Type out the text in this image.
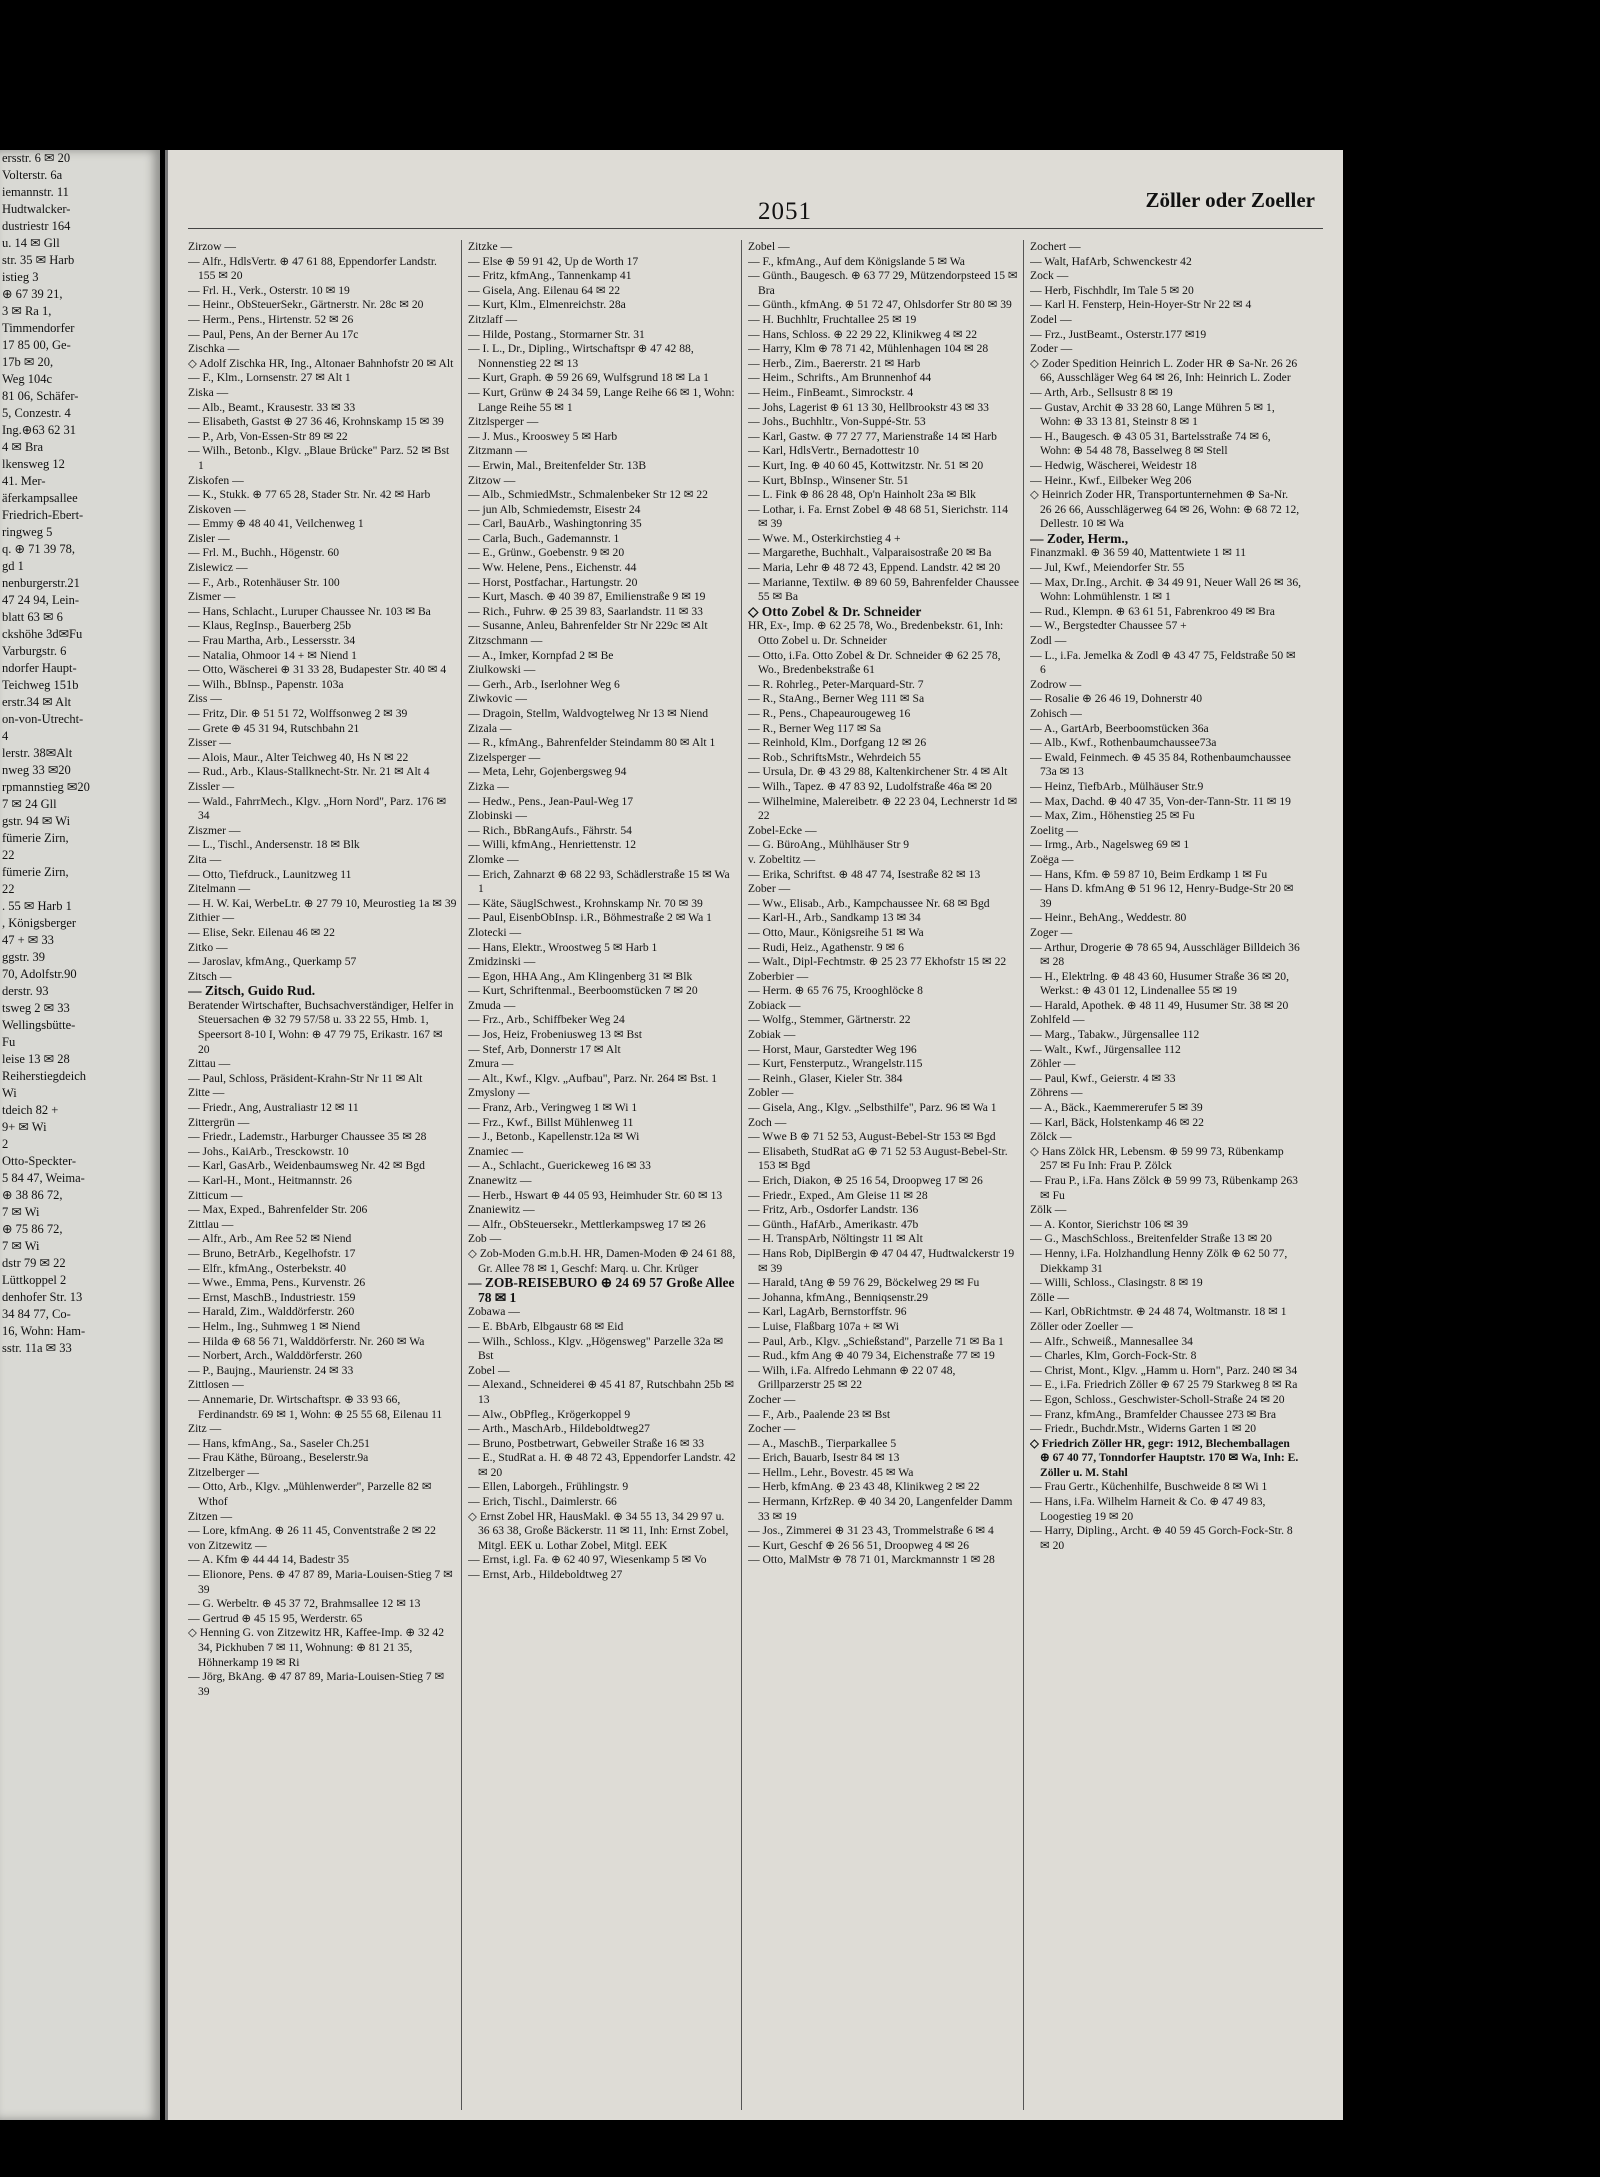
ersstr. 6 ✉ 20
Volterstr. 6a
iemannstr. 11
Hudtwalcker-
dustriestr 164
u. 14 ✉ Gll
str. 35 ✉ Harb
istieg 3
⊕ 67 39 21,
3 ✉ Ra 1,
Timmendorfer
17 85 00, Ge-
17b ✉ 20,
Weg 104c
81 06, Schäfer-
5, Conzestr. 4
Ing.⊕63 62 31
4 ✉ Bra
lkensweg 12
41. Mer-
äferkampsallee
Friedrich-Ebert-
ringweg 5
q. ⊕ 71 39 78,
gd 1
nenburgerstr.21
47 24 94, Lein-
blatt 63 ✉ 6
ckshöhe 3d✉Fu
Varburgstr. 6
ndorfer Haupt-
Teichweg 151b
erstr.34 ✉ Alt
on-von-Utrecht-
4
lerstr. 38✉Alt
nweg 33 ✉20
rpmannstieg ✉20
7 ✉ 24 Gll
gstr. 94 ✉ Wi
fümerie Zirn,
22
fümerie Zirn,
22
. 55 ✉ Harb 1
, Königsberger
47 + ✉ 33
ggstr. 39
70, Adolfstr.90
derstr. 93
tsweg 2 ✉ 33
Wellingsbütte-
Fu
leise 13 ✉ 28
Reiherstiegdeich
Wi
tdeich 82 +
9+ ✉ Wi
2
Otto-Speckter-
5 84 47, Weima-
⊕ 38 86 72,
7 ✉ Wi
⊕ 75 86 72,
7 ✉ Wi
dstr 79 ✉ 22
Lüttkoppel 2
denhofer Str. 13
34 84 77, Co-
16, Wohn: Ham-
sstr. 11a ✉ 33
2051	Zöller oder Zoeller

Zirzow —

— Alfr., HdlsVertr. ⊕ 47 61 88, Eppendorfer Landstr. 155 ✉ 20

— Frl. H., Verk., Osterstr. 10 ✉ 19

— Heinr., ObSteuerSekr., Gärtnerstr. Nr. 28c ✉ 20

— Herm., Pens., Hirtenstr. 52 ✉ 26

— Paul, Pens, An der Berner Au 17c

Zischka —

◇ Adolf Zischka HR, Ing., Altonaer Bahnhofstr 20 ✉ Alt

— F., Klm., Lornsenstr. 27 ✉ Alt 1

Ziska —

— Alb., Beamt., Krausestr. 33 ✉ 33

— Elisabeth, Gastst ⊕ 27 36 46, Krohnskamp 15 ✉ 39

— P., Arb, Von-Essen-Str 89 ✉ 22

— Wilh., Betonb., Klgv. „Blaue Brücke" Parz. 52 ✉ Bst 1

Ziskofen —

— K., Stukk. ⊕ 77 65 28, Stader Str. Nr. 42 ✉ Harb

Ziskoven —

— Emmy ⊕ 48 40 41, Veilchenweg 1

Zisler —

— Frl. M., Buchh., Högenstr. 60

Zislewicz —

— F., Arb., Rotenhäuser Str. 100

Zismer —

— Hans, Schlacht., Luruper Chaussee Nr. 103 ✉ Ba

— Klaus, RegInsp., Bauerberg 25b

— Frau Martha, Arb., Lessersstr. 34

— Natalia, Ohmoor 14 + ✉ Niend 1

— Otto, Wäscherei ⊕ 31 33 28, Budapester Str. 40 ✉ 4

— Wilh., BbInsp., Papenstr. 103a

Ziss —

— Fritz, Dir. ⊕ 51 51 72, Wolffsonweg 2 ✉ 39

— Grete ⊕ 45 31 94, Rutschbahn 21

Zisser —

— Alois, Maur., Alter Teichweg 40, Hs N ✉ 22

— Rud., Arb., Klaus-Stallknecht-Str. Nr. 21 ✉ Alt 4

Zissler —

— Wald., FahrrMech., Klgv. „Horn Nord", Parz. 176 ✉ 34

Ziszmer —

— L., Tischl., Andersenstr. 18 ✉ Blk

Zita —

— Otto, Tiefdruck., Launitzweg 11

Zitelmann —

— H. W. Kai, WerbeLtr. ⊕ 27 79 10, Meurostieg 1a ✉ 39

Zithier —

— Elise, Sekr. Eilenau 46 ✉ 22

Zitko —

— Jaroslav, kfmAng., Querkamp 57

Zitsch —

— Zitsch, Guido Rud.

Beratender Wirtschafter, Buchsachverständiger, Helfer in Steuersachen ⊕ 32 79 57/58 u. 33 22 55, Hmb. 1, Speersort 8-10 I, Wohn: ⊕ 47 79 75, Erikastr. 167 ✉ 20

Zittau —

— Paul, Schloss, Präsident-Krahn-Str Nr 11 ✉ Alt

Zitte —

— Friedr., Ang, Australiastr 12 ✉ 11

Zittergrün —

— Friedr., Lademstr., Harburger Chaussee 35 ✉ 28

— Johs., KaiArb., Tresckowstr. 10

— Karl, GasArb., Weidenbaumsweg Nr. 42 ✉ Bgd

— Karl-H., Mont., Heitmannstr. 26

Zitticum —

— Max, Exped., Bahrenfelder Str. 206

Zittlau —

— Alfr., Arb., Am Ree 52 ✉ Niend

— Bruno, BetrArb., Kegelhofstr. 17

— Elfr., kfmAng., Osterbekstr. 40

— Wwe., Emma, Pens., Kurvenstr. 26

— Ernst, MaschB., Industriestr. 159

— Harald, Zim., Walddörferstr. 260

— Helm., Ing., Suhmweg 1 ✉ Niend

— Hilda ⊕ 68 56 71, Walddörferstr. Nr. 260 ✉ Wa

— Norbert, Arch., Walddörferstr. 260

— P., Baujng., Maurienstr. 24 ✉ 33

Zittlosen —

— Annemarie, Dr. Wirtschaftspr. ⊕ 33 93 66, Ferdinandstr. 69 ✉ 1, Wohn: ⊕ 25 55 68, Eilenau 11

Zitz —

— Hans, kfmAng., Sa., Saseler Ch.251

— Frau Käthe, Büroang., Beselerstr.9a

Zitzelberger —

— Otto, Arb., Klgv. „Mühlenwerder", Parzelle 82 ✉ Wthof

Zitzen —

— Lore, kfmAng. ⊕ 26 11 45, Conventstraße 2 ✉ 22

von Zitzewitz —

— A. Kfm ⊕ 44 44 14, Badestr 35

— Elionore, Pens. ⊕ 47 87 89, Maria-Louisen-Stieg 7 ✉ 39

— G. Werbeltr. ⊕ 45 37 72, Brahmsallee 12 ✉ 13

— Gertrud ⊕ 45 15 95, Werderstr. 65

◇ Henning G. von Zitzewitz HR, Kaffee-Imp. ⊕ 32 42 34, Pickhuben 7 ✉ 11, Wohnung: ⊕ 81 21 35, Höhnerkamp 19 ✉ Ri

— Jörg, BkAng. ⊕ 47 87 89, Maria-Louisen-Stieg 7 ✉ 39

Zitzke —

— Else ⊕ 59 91 42, Up de Worth 17

— Fritz, kfmAng., Tannenkamp 41

— Gisela, Ang. Eilenau 64 ✉ 22

— Kurt, Klm., Elmenreichstr. 28a

Zitzlaff —

— Hilde, Postang., Stormarner Str. 31

— I. L., Dr., Dipling., Wirtschaftspr ⊕ 47 42 88, Nonnenstieg 22 ✉ 13

— Kurt, Graph. ⊕ 59 26 69, Wulfsgrund 18 ✉ La 1

— Kurt, Grünw ⊕ 24 34 59, Lange Reihe 66 ✉ 1, Wohn: Lange Reihe 55 ✉ 1

Zitzlsperger —

— J. Mus., Krooswey 5 ✉ Harb

Zitzmann —

— Erwin, Mal., Breitenfelder Str. 13B

Zitzow —

— Alb., SchmiedMstr., Schmalenbeker Str 12 ✉ 22

— jun Alb, Schmiedemstr, Eisestr 24

— Carl, BauArb., Washingtonring 35

— Carla, Buch., Gademannstr. 1

— E., Grünw., Goebenstr. 9 ✉ 20

— Ww. Helene, Pens., Eichenstr. 44

— Horst, Postfachar., Hartungstr. 20

— Kurt, Masch. ⊕ 40 39 87, Emilienstraße 9 ✉ 19

— Rich., Fuhrw. ⊕ 25 39 83, Saarlandstr. 11 ✉ 33

— Susanne, Anleu, Bahrenfelder Str Nr 229c ✉ Alt

Zitzschmann —

— A., Imker, Kornpfad 2 ✉ Be

Ziulkowski —

— Gerh., Arb., Iserlohner Weg 6

Ziwkovic —

— Dragoin, Stellm, Waldvogtelweg Nr 13 ✉ Niend

Zizala —

— R., kfmAng., Bahrenfelder Steindamm 80 ✉ Alt 1

Zizelsperger —

— Meta, Lehr, Gojenbergsweg 94

Zizka —

— Hedw., Pens., Jean-Paul-Weg 17

Zlobinski —

— Rich., BbRangAufs., Fährstr. 54

— Willi, kfmAng., Henriettenstr. 12

Zlomke —

— Erich, Zahnarzt ⊕ 68 22 93, Schädlerstraße 15 ✉ Wa 1

— Käte, SäuglSchwest., Krohnskamp Nr. 70 ✉ 39

— Paul, EisenbObInsp. i.R., Böhmestraße 2 ✉ Wa 1

Zlotecki —

— Hans, Elektr., Wroostweg 5 ✉ Harb 1

Zmidzinski —

— Egon, HHA Ang., Am Klingenberg 31 ✉ Blk

— Kurt, Schriftenmal., Beerboomstücken 7 ✉ 20

Zmuda —

— Frz., Arb., Schiffbeker Weg 24

— Jos, Heiz, Frobeniusweg 13 ✉ Bst

— Stef, Arb, Donnerstr 17 ✉ Alt

Zmura —

— Alt., Kwf., Klgv. „Aufbau", Parz. Nr. 264 ✉ Bst. 1

Zmyslony —

— Franz, Arb., Veringweg 1 ✉ Wi 1

— Frz., Kwf., Billst Mühlenweg 11

— J., Betonb., Kapellenstr.12a ✉ Wi

Znamiec —

— A., Schlacht., Guerickeweg 16 ✉ 33

Znanewitz —

— Herb., Hswart ⊕ 44 05 93, Heimhuder Str. 60 ✉ 13

Znaniewitz —

— Alfr., ObSteuersekr., Mettlerkampsweg 17 ✉ 26

Zob —

◇ Zob-Moden G.m.b.H. HR, Damen-Moden ⊕ 24 61 88, Gr. Allee 78 ✉ 1, Geschf: Marq. u. Chr. Krüger

— ZOB-REISEBURO ⊕ 24 69 57 Große Allee 78 ✉ 1

Zobawa —

— E. BbArb, Elbgaustr 68 ✉ Eid

— Wilh., Schloss., Klgv. „Högensweg" Parzelle 32a ✉ Bst

Zobel —

— Alexand., Schneiderei ⊕ 45 41 87, Rutschbahn 25b ✉ 13

— Alw., ObPfleg., Krögerkoppel 9

— Arth., MaschArb., Hildeboldtweg27

— Bruno, Postbetrwart, Gebweiler Straße 16 ✉ 33

— E., StudRat a. H. ⊕ 48 72 43, Eppendorfer Landstr. 42 ✉ 20

— Ellen, Laborgeh., Frühlingstr. 9

— Erich, Tischl., Daimlerstr. 66

◇ Ernst Zobel HR, HausMakl. ⊕ 34 55 13, 34 29 97 u. 36 63 38, Große Bäckerstr. 11 ✉ 11, Inh: Ernst Zobel, Mitgl. EEK u. Lothar Zobel, Mitgl. EEK

— Ernst, i.gl. Fa. ⊕ 62 40 97, Wiesenkamp 5 ✉ Vo

— Ernst, Arb., Hildeboldtweg 27

Zobel —

— F., kfmAng., Auf dem Königslande 5 ✉ Wa

— Günth., Baugesch. ⊕ 63 77 29, Mützendorpsteed 15 ✉ Bra

— Günth., kfmAng. ⊕ 51 72 47, Ohlsdorfer Str 80 ✉ 39

— H. Buchhltr, Fruchtallee 25 ✉ 19

— Hans, Schloss. ⊕ 22 29 22, Klinikweg 4 ✉ 22

— Harry, Klm ⊕ 78 71 42, Mühlenhagen 104 ✉ 28

— Herb., Zim., Baererstr. 21 ✉ Harb

— Heim., Schrifts., Am Brunnenhof 44

— Heim., FinBeamt., Simrockstr. 4

— Johs, Lagerist ⊕ 61 13 30, Hellbrookstr 43 ✉ 33

— Johs., Buchhltr., Von-Suppé-Str. 53

— Karl, Gastw. ⊕ 77 27 77, Marienstraße 14 ✉ Harb

— Karl, HdlsVertr., Bernadottestr 10

— Kurt, Ing. ⊕ 40 60 45, Kottwitzstr. Nr. 51 ✉ 20

— Kurt, BbInsp., Winsener Str. 51

— L. Fink ⊕ 86 28 48, Op'n Hainholt 23a ✉ Blk

— Lothar, i. Fa. Ernst Zobel ⊕ 48 68 51, Sierichstr. 114 ✉ 39

— Wwe. M., Osterkirchstieg 4 +

— Margarethe, Buchhalt., Valparaisostraße 20 ✉ Ba

— Maria, Lehr ⊕ 48 72 43, Eppend. Landstr. 42 ✉ 20

— Marianne, Textilw. ⊕ 89 60 59, Bahrenfelder Chaussee 55 ✉ Ba

◇ Otto Zobel & Dr. Schneider

HR, Ex-, Imp. ⊕ 62 25 78, Wo., Bredenbekstr. 61, Inh: Otto Zobel u. Dr. Schneider

— Otto, i.Fa. Otto Zobel & Dr. Schneider ⊕ 62 25 78, Wo., Bredenbekstraße 61

— R. Rohrleg., Peter-Marquard-Str. 7

— R., StaAng., Berner Weg 111 ✉ Sa

— R., Pens., Chapeaurougeweg 16

— R., Berner Weg 117 ✉ Sa

— Reinhold, Klm., Dorfgang 12 ✉ 26

— Rob., SchriftsMstr., Wehrdeich 55

— Ursula, Dr. ⊕ 43 29 88, Kaltenkirchener Str. 4 ✉ Alt

— Wilh., Tapez. ⊕ 47 83 92, Ludolfstraße 46a ✉ 20

— Wilhelmine, Malereibetr. ⊕ 22 23 04, Lechnerstr 1d ✉ 22

Zobel-Ecke —

— G. BüroAng., Mühlhäuser Str 9

v. Zobeltitz —

— Erika, Schriftst. ⊕ 48 47 74, Isestraße 82 ✉ 13

Zober —

— Ww., Elisab., Arb., Kampchaussee Nr. 68 ✉ Bgd

— Karl-H., Arb., Sandkamp 13 ✉ 34

— Otto, Maur., Königsreihe 51 ✉ Wa

— Rudi, Heiz., Agathenstr. 9 ✉ 6

— Walt., Dipl-Fechtmstr. ⊕ 25 23 77 Ekhofstr 15 ✉ 22

Zoberbier —

— Herm. ⊕ 65 76 75, Krooghlöcke 8

Zobiack —

— Wolfg., Stemmer, Gärtnerstr. 22

Zobiak —

— Horst, Maur, Garstedter Weg 196

— Kurt, Fensterputz., Wrangelstr.115

— Reinh., Glaser, Kieler Str. 384

Zobler —

— Gisela, Ang., Klgv. „Selbsthilfe", Parz. 96 ✉ Wa 1

Zoch —

— Wwe B ⊕ 71 52 53, August-Bebel-Str 153 ✉ Bgd

— Elisabeth, StudRat aG ⊕ 71 52 53 August-Bebel-Str. 153 ✉ Bgd

— Erich, Diakon, ⊕ 25 16 54, Droopweg 17 ✉ 26

— Friedr., Exped., Am Gleise 11 ✉ 28

— Fritz, Arb., Osdorfer Landstr. 136

— Günth., HafArb., Amerikastr. 47b

— H. TranspArb, Nöltingstr 11 ✉ Alt

— Hans Rob, DiplBergin ⊕ 47 04 47, Hudtwalckerstr 19 ✉ 39

— Harald, tAng ⊕ 59 76 29, Böckelweg 29 ✉ Fu

— Johanna, kfmAng., Benniqsenstr.29

— Karl, LagArb, Bernstorffstr. 96

— Luise, Flaßbarg 107a + ✉ Wi

— Paul, Arb., Klgv. „Schießstand", Parzelle 71 ✉ Ba 1

— Rud., kfm Ang ⊕ 40 79 34, Eichenstraße 77 ✉ 19

— Wilh, i.Fa. Alfredo Lehmann ⊕ 22 07 48, Grillparzerstr 25 ✉ 22

Zocher —

— F., Arb., Paalende 23 ✉ Bst

Zocher —

— A., MaschB., Tierparkallee 5

— Erich, Bauarb, Isestr 84 ✉ 13

— Hellm., Lehr., Bovestr. 45 ✉ Wa

— Herb, kfmAng. ⊕ 23 43 48, Klinikweg 2 ✉ 22

— Hermann, KrfzRep. ⊕ 40 34 20, Langenfelder Damm 33 ✉ 19

— Jos., Zimmerei ⊕ 31 23 43, Trommelstraße 6 ✉ 4

— Kurt, Geschf ⊕ 26 56 51, Droopweg 4 ✉ 26

— Otto, MalMstr ⊕ 78 71 01, Marckmannstr 1 ✉ 28

Zochert —

— Walt, HafArb, Schwenckestr 42

Zock —

— Herb, Fischhdlr, Im Tale 5 ✉ 20

— Karl H. Fensterp, Hein-Hoyer-Str Nr 22 ✉ 4

Zodel —

— Frz., JustBeamt., Osterstr.177 ✉19

Zoder —

◇ Zoder Spedition Heinrich L. Zoder HR ⊕ Sa-Nr. 26 26 66, Ausschläger Weg 64 ✉ 26, Inh: Heinrich L. Zoder

— Arth, Arb., Sellsustr 8 ✉ 19

— Gustav, Archit ⊕ 33 28 60, Lange Mühren 5 ✉ 1, Wohn: ⊕ 33 13 81, Steinstr 8 ✉ 1

— H., Baugesch. ⊕ 43 05 31, Bartelsstraße 74 ✉ 6, Wohn: ⊕ 54 48 78, Basselweg 8 ✉ Stell

— Hedwig, Wäscherei, Weidestr 18

— Heinr., Kwf., Eilbeker Weg 206

◇ Heinrich Zoder HR, Transportunternehmen ⊕ Sa-Nr. 26 26 66, Ausschlägerweg 64 ✉ 26, Wohn: ⊕ 68 72 12, Dellestr. 10 ✉ Wa

— Zoder, Herm.,

Finanzmakl. ⊕ 36 59 40, Mattentwiete 1 ✉ 11

— Jul, Kwf., Meiendorfer Str. 55

— Max, Dr.Ing., Archit. ⊕ 34 49 91, Neuer Wall 26 ✉ 36, Wohn: Lohmühlenstr. 1 ✉ 1

— Rud., Klempn. ⊕ 63 61 51, Fabrenkroo 49 ✉ Bra

— W., Bergstedter Chaussee 57 +

Zodl —

— L., i.Fa. Jemelka & Zodl ⊕ 43 47 75, Feldstraße 50 ✉ 6

Zodrow —

— Rosalie ⊕ 26 46 19, Dohnerstr 40

Zohisch —

— A., GartArb, Beerboomstücken 36a

— Alb., Kwf., Rothenbaumchaussee73a

— Ewald, Feinmech. ⊕ 45 35 84, Rothenbaumchaussee 73a ✉ 13

— Heinz, TiefbArb., Mülhäuser Str.9

— Max, Dachd. ⊕ 40 47 35, Von-der-Tann-Str. 11 ✉ 19

— Max, Zim., Höhenstieg 25 ✉ Fu

Zoelitg —

— Irmg., Arb., Nagelsweg 69 ✉ 1

Zoëga —

— Hans, Kfm. ⊕ 59 87 10, Beim Erdkamp 1 ✉ Fu

— Hans D. kfmAng ⊕ 51 96 12, Henry-Budge-Str 20 ✉ 39

— Heinr., BehAng., Weddestr. 80

Zoger —

— Arthur, Drogerie ⊕ 78 65 94, Ausschläger Billdeich 36 ✉ 28

— H., Elektrlng. ⊕ 48 43 60, Husumer Straße 36 ✉ 20, Werkst.: ⊕ 43 01 12, Lindenallee 55 ✉ 19

— Harald, Apothek. ⊕ 48 11 49, Husumer Str. 38 ✉ 20

Zohlfeld —

— Marg., Tabakw., Jürgensallee 112

— Walt., Kwf., Jürgensallee 112

Zöhler —

— Paul, Kwf., Geierstr. 4 ✉ 33

Zöhrens —

— A., Bäck., Kaemmererufer 5 ✉ 39

— Karl, Bäck, Holstenkamp 46 ✉ 22

Zölck —

◇ Hans Zölck HR, Lebensm. ⊕ 59 99 73, Rübenkamp 257 ✉ Fu Inh: Frau P. Zölck

— Frau P., i.Fa. Hans Zölck ⊕ 59 99 73, Rübenkamp 263 ✉ Fu

Zölk —

— A. Kontor, Sierichstr 106 ✉ 39

— G., MaschSchloss., Breitenfelder Straße 13 ✉ 20

— Henny, i.Fa. Holzhandlung Henny Zölk ⊕ 62 50 77, Diekkamp 31

— Willi, Schloss., Clasingstr. 8 ✉ 19

Zölle —

— Karl, ObRichtmstr. ⊕ 24 48 74, Woltmanstr. 18 ✉ 1

Zöller oder Zoeller —

— Alfr., Schweiß., Mannesallee 34

— Charles, Klm, Gorch-Fock-Str. 8

— Christ, Mont., Klgv. „Hamm u. Horn", Parz. 240 ✉ 34

— E., i.Fa. Friedrich Zöller ⊕ 67 25 79 Starkweg 8 ✉ Ra

— Egon, Schloss., Geschwister-Scholl-Straße 24 ✉ 20

— Franz, kfmAng., Bramfelder Chaussee 273 ✉ Bra

— Friedr., Buchdr.Mstr., Widerns Garten 1 ✉ 20

◇ Friedrich Zöller HR, gegr: 1912, Blechemballagen ⊕ 67 40 77, Tonndorfer Hauptstr. 170 ✉ Wa, Inh: E. Zöller u. M. Stahl

— Frau Gertr., Küchenhilfe, Buschweide 8 ✉ Wi 1

— Hans, i.Fa. Wilhelm Harneit & Co. ⊕ 47 49 83, Loogestieg 19 ✉ 20

— Harry, Dipling., Archt. ⊕ 40 59 45 Gorch-Fock-Str. 8 ✉ 20
